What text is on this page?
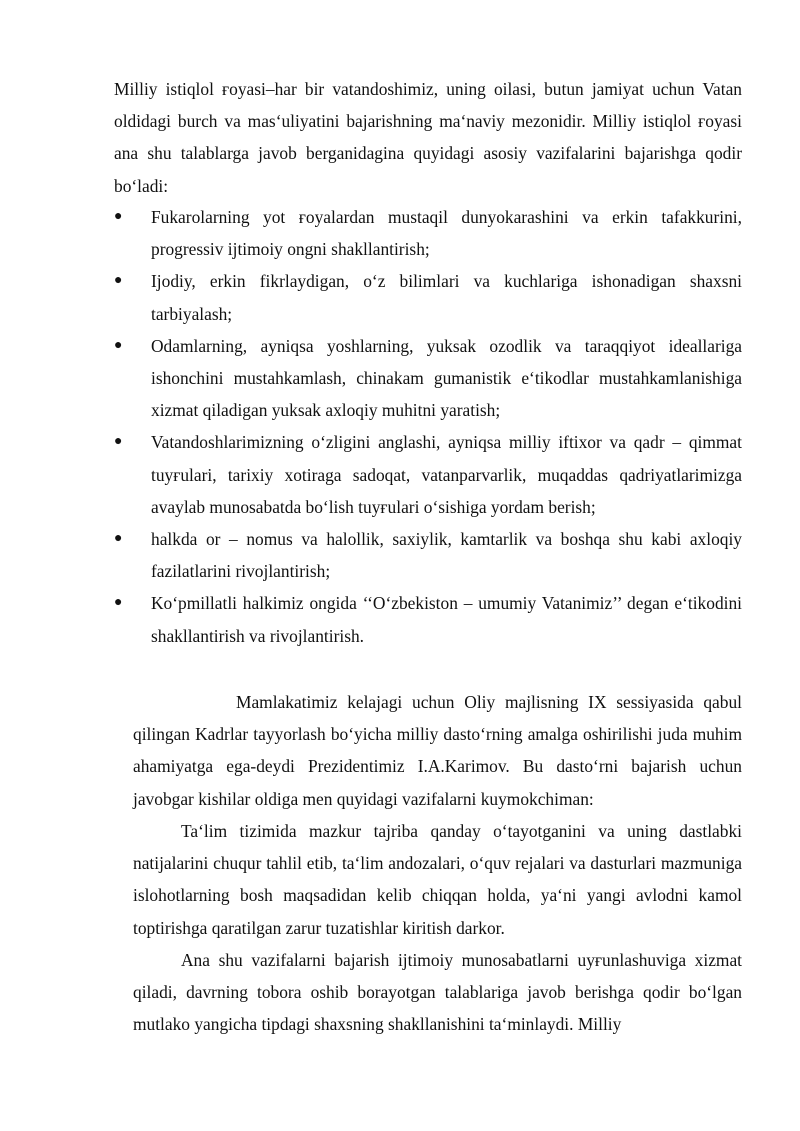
Milliy istiqlol ғoyasi–har bir vatandoshimiz, uning oilasi, butun jamiyat uchun Vatan oldidagi burch va mas‘uliyatini bajarishning ma‘naviy mezonidir. Milliy istiqlol ғoyasi ana shu talablarga javob berganidagina quyidagi asosiy vazifalarini bajarishga qodir bo‘ladi:

●	Fukarolarning yot ғoyalardan mustaqil dunyokarashini va erkin tafakkurini, progressiv ijtimoiy ongni shakllantirish;
●	Ijodiy, erkin fikrlaydigan, o‘z bilimlari va kuchlariga ishonadigan shaxsni tarbiyalash;
●	Odamlarning, ayniqsa yoshlarning, yuksak ozodlik va taraqqiyot ideallariga ishonchini mustahkamlash, chinakam gumanistik e‘tikodlar mustahkamlanishiga xizmat qiladigan yuksak axloqiy muhitni yaratish;
●	Vatandoshlarimizning o‘zligini anglashi, ayniqsa milliy iftixor va qadr – qimmat tuyғulari, tarixiy xotiraga sadoqat, vatanparvarlik, muqaddas qadriyatlarimizga avaylab munosabatda bo‘lish tuyғulari o‘sishiga yordam berish;
●	halkda or – nomus va halollik, saxiylik, kamtarlik va boshqa shu kabi axloqiy fazilatlarini rivojlantirish;
●	Ko‘pmillatli halkimiz ongida ‘‘O‘zbekiston – umumiy Vatanimiz’’ degan e‘tikodini shakllantirish va rivojlantirish.

Mamlakatimiz kelajagi uchun Oliy majlisning IX sessiyasida qabul qilingan Kadrlar tayyorlash bo‘yicha milliy dasto‘rning amalga oshirilishi juda muhim ahamiyatga ega-deydi Prezidentimiz I.A.Karimov. Bu dasto‘rni bajarish uchun javobgar kishilar oldiga men quyidagi vazifalarni kuymokchiman:

Ta‘lim tizimida mazkur tajriba qanday o‘tayotganini va uning dastlabki natijalarini chuqur tahlil etib, ta‘lim andozalari, o‘quv rejalari va dasturlari mazmuniga islohotlarning bosh maqsadidan kelib chiqqan holda, ya‘ni yangi avlodni kamol toptirishga qaratilgan zarur tuzatishlar kiritish darkor.

Ana shu vazifalarni bajarish ijtimoiy munosabatlarni uyғunlashuviga xizmat qiladi, davrning tobora oshib borayotgan talablariga javob berishga qodir bo‘lgan mutlako yangicha tipdagi shaxsning shakllanishini ta‘minlaydi. Milliy
